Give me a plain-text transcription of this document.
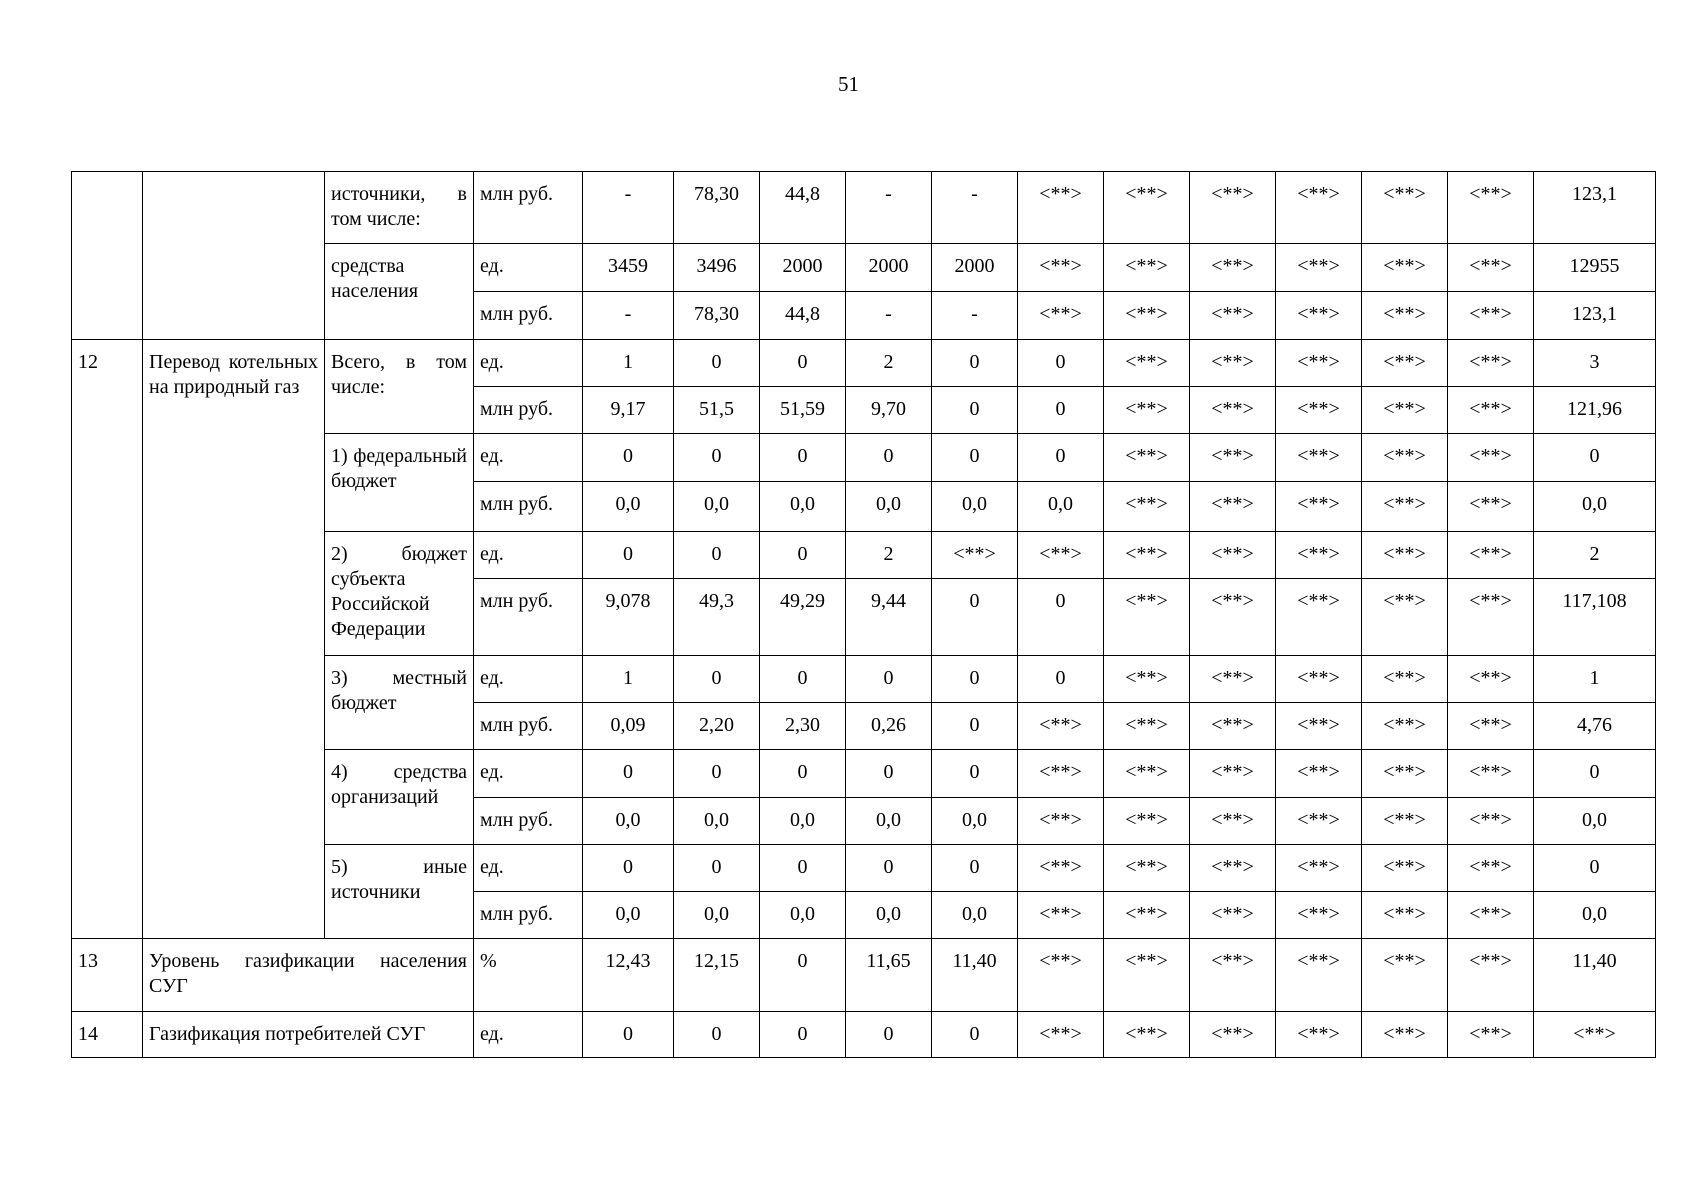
51
		источники, в том числе:	млн руб.	-	78,30	44,8	-	-	<**>	<**>	<**>	<**>	<**>	<**>	123,1
		средства населения	ед.	3459	3496	2000	2000	2000	<**>	<**>	<**>	<**>	<**>	<**>	12955
			млн руб.	-	78,30	44,8	-	-	<**>	<**>	<**>	<**>	<**>	<**>	123,1
12	Перевод котельных на природный газ	Всего, в том числе:	ед.	1	0	0	2	0	0	<**>	<**>	<**>	<**>	<**>	3
			млн руб.	9,17	51,5	51,59	9,70	0	0	<**>	<**>	<**>	<**>	<**>	121,96
		1) федеральный бюджет	ед.	0	0	0	0	0	0	<**>	<**>	<**>	<**>	<**>	0
			млн руб.	0,0	0,0	0,0	0,0	0,0	0,0	<**>	<**>	<**>	<**>	<**>	0,0
		2) бюджет субъекта Российской Федерации	ед.	0	0	0	2	<**>	<**>	<**>	<**>	<**>	<**>	<**>	2
			млн руб.	9,078	49,3	49,29	9,44	0	0	<**>	<**>	<**>	<**>	<**>	117,108
		3) местный бюджет	ед.	1	0	0	0	0	0	<**>	<**>	<**>	<**>	<**>	1
			млн руб.	0,09	2,20	2,30	0,26	0	<**>	<**>	<**>	<**>	<**>	<**>	4,76
		4) средства организаций	ед.	0	0	0	0	0	<**>	<**>	<**>	<**>	<**>	<**>	0
			млн руб.	0,0	0,0	0,0	0,0	0,0	<**>	<**>	<**>	<**>	<**>	<**>	0,0
		5) иные источники	ед.	0	0	0	0	0	<**>	<**>	<**>	<**>	<**>	<**>	0
			млн руб.	0,0	0,0	0,0	0,0	0,0	<**>	<**>	<**>	<**>	<**>	<**>	0,0
13	Уровень газификации населения СУГ		%	12,43	12,15	0	11,65	11,40	<**>	<**>	<**>	<**>	<**>	<**>	11,40
14	Газификация потребителей СУГ		ед.	0	0	0	0	0	<**>	<**>	<**>	<**>	<**>	<**>	<**>
